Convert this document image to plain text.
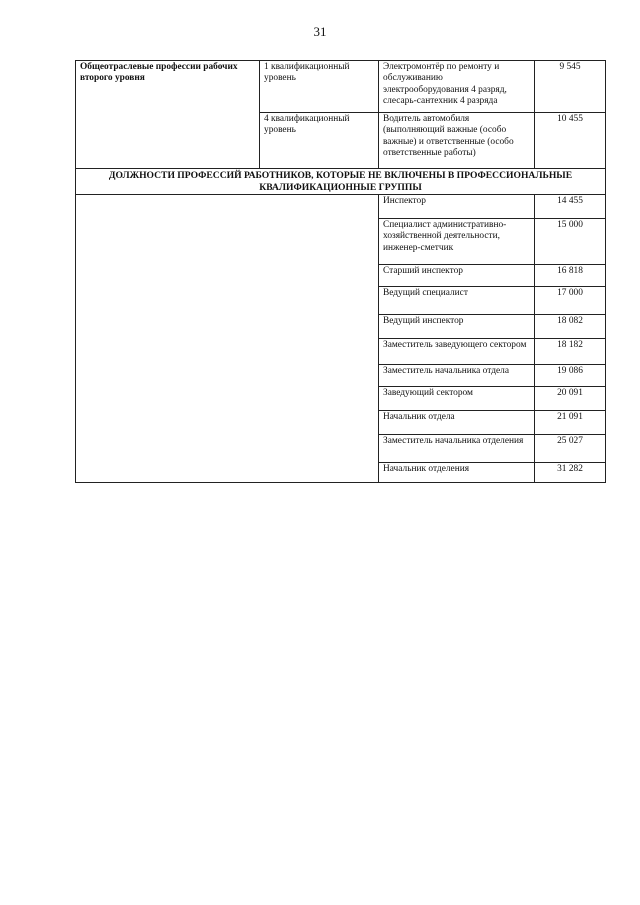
31
Общеотраслевые профессии рабочих второго уровня	1 квалификационный уровень	Электромонтёр по ремонту и обслуживанию электрооборудования 4 разряд, слесарь-сантехник 4 разряда	9 545
	4 квалификационный уровень	Водитель автомобиля (выполняющий важные (особо важные) и ответственные (особо ответственные работы)	10 455
ДОЛЖНОСТИ ПРОФЕССИЙ РАБОТНИКОВ, КОТОРЫЕ НЕ ВКЛЮЧЕНЫ В ПРОФЕССИОНАЛЬНЫЕ КВАЛИФИКАЦИОННЫЕ ГРУППЫ			
		Инспектор	14 455
		Специалист административно-хозяйственной деятельности, инженер-сметчик	15 000
		Старший инспектор	16 818
		Ведущий специалист	17 000
		Ведущий инспектор	18 082
		Заместитель заведующего сектором	18 182
		Заместитель начальника отдела	19 086
		Заведующий сектором	20 091
		Начальник отдела	21 091
		Заместитель начальника отделения	25 027
		Начальник отделения	31 282
